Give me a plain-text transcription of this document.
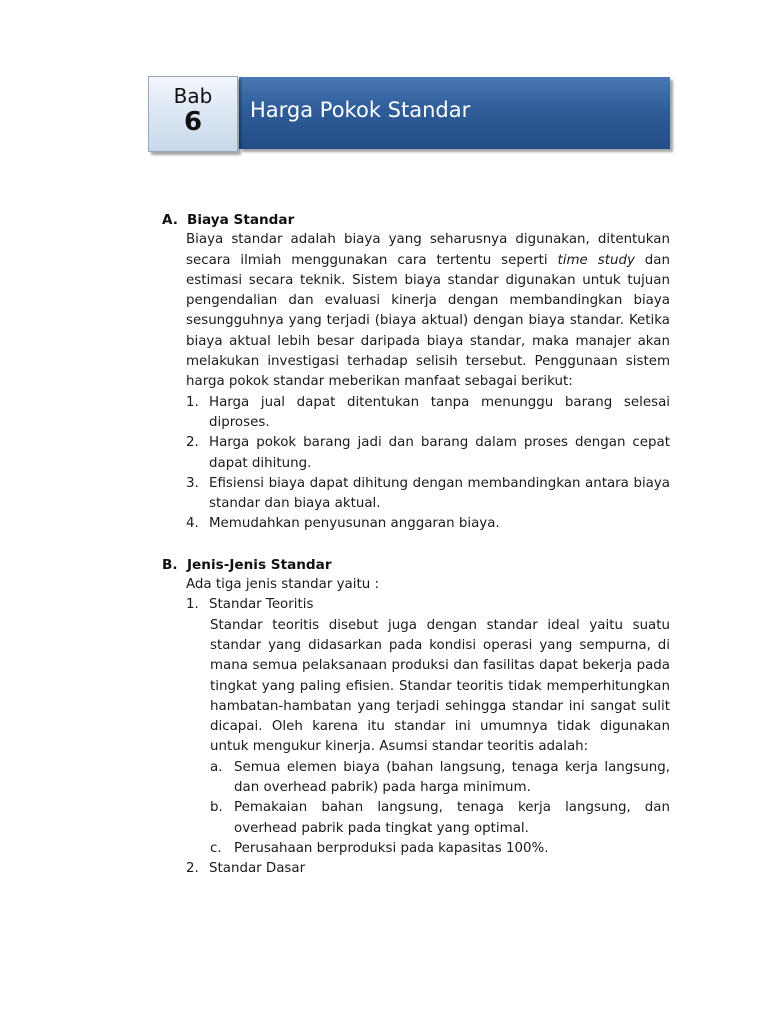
Bab
6	Harga Pokok Standar
A. Biaya Standar

Biaya standar adalah biaya yang seharusnya digunakan, ditentukan secara ilmiah menggunakan cara tertentu seperti time study dan estimasi secara teknik. Sistem biaya standar digunakan untuk tujuan pengendalian dan evaluasi kinerja dengan membandingkan biaya sesungguhnya yang terjadi (biaya aktual) dengan biaya standar. Ketika biaya aktual lebih besar daripada biaya standar, maka manajer akan melakukan investigasi terhadap selisih tersebut. Penggunaan sistem harga pokok standar meberikan manfaat sebagai berikut:

1. Harga jual dapat ditentukan tanpa menunggu barang selesai diproses.
2. Harga pokok barang jadi dan barang dalam proses dengan cepat dapat dihitung.
3. Efisiensi biaya dapat dihitung dengan membandingkan antara biaya standar dan biaya aktual.
4. Memudahkan penyusunan anggaran biaya.
B. Jenis-Jenis Standar

Ada tiga jenis standar yaitu :

1. Standar Teoritis

Standar teoritis disebut juga dengan standar ideal yaitu suatu standar yang didasarkan pada kondisi operasi yang sempurna, di mana semua pelaksanaan produksi dan fasilitas dapat bekerja pada tingkat yang paling efisien. Standar teoritis tidak memperhitungkan hambatan-hambatan yang terjadi sehingga standar ini sangat sulit dicapai. Oleh karena itu standar ini umumnya tidak digunakan untuk mengukur kinerja. Asumsi standar teoritis adalah:

a. Semua elemen biaya (bahan langsung, tenaga kerja langsung, dan overhead pabrik) pada harga minimum.
b. Pemakaian bahan langsung, tenaga kerja langsung, dan overhead pabrik pada tingkat yang optimal.
c. Perusahaan berproduksi pada kapasitas 100%.
2. Standar Dasar
